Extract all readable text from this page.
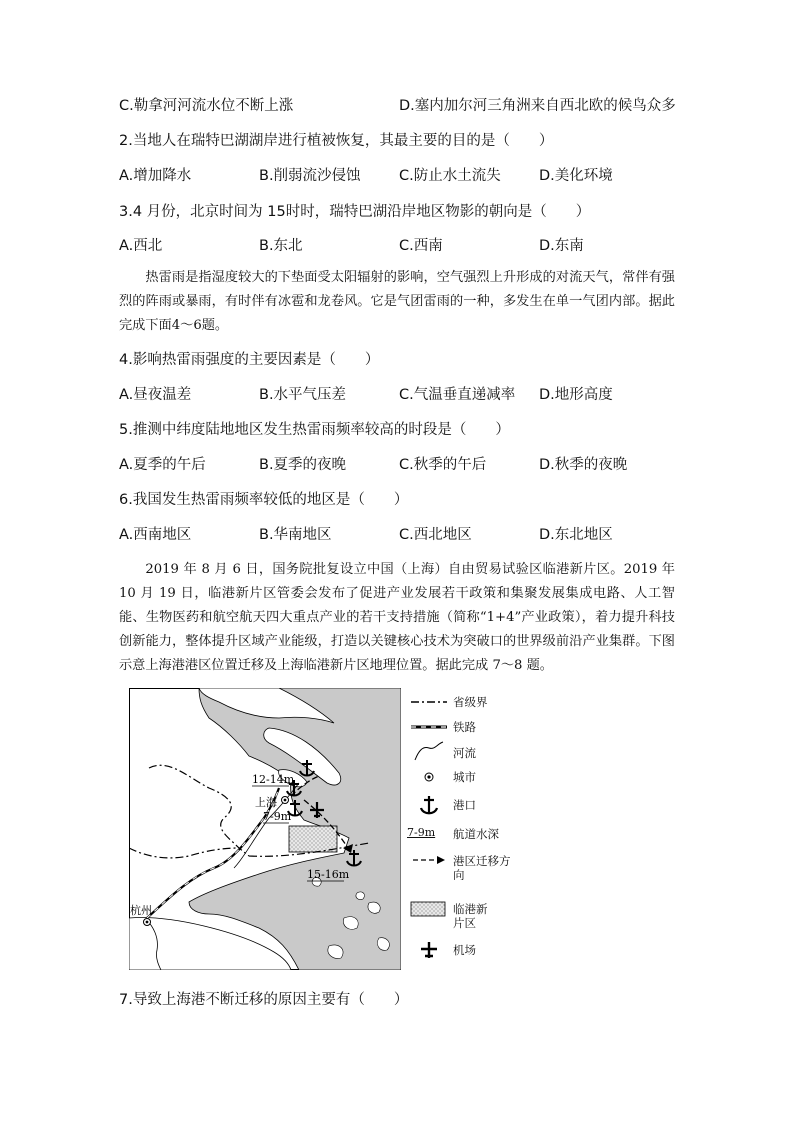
C.勒拿河河流水位不断上涨	D.塞内加尔河三角洲来自西北欧的候鸟众多
2.当地人在瑞特巴湖湖岸进行植被恢复，其最主要的目的是（　　）
A.增加降水	B.削弱流沙侵蚀	C.防止水土流失	D.美化环境
3.4 月份，北京时间为 15时时，瑞特巴湖沿岸地区物影的朝向是（　　）
A.西北	B.东北	C.西南	D.东南

热雷雨是指湿度较大的下垫面受太阳辐射的影响，空气强烈上升形成的对流天气，常伴有强烈的阵雨或暴雨，有时伴有冰雹和龙卷风。它是气团雷雨的一种，多发生在单一气团内部。据此完成下面4～6题。

4.影响热雷雨强度的主要因素是（　　）
A.昼夜温差	B.水平气压差	C.气温垂直递减率 D.地形高度
5.推测中纬度陆地地区发生热雷雨频率较高的时段是（　　）
A.夏季的午后	B.夏季的夜晚	C.秋季的午后	D.秋季的夜晚
6.我国发生热雷雨频率较低的地区是（　　）
A.西南地区	B.华南地区	C.西北地区	D.东北地区

2019 年 8 月 6 日，国务院批复设立中国（上海）自由贸易试验区临港新片区。2019 年 10 月 19 日，临港新片区管委会发布了促进产业发展若干政策和集聚发展集成电路、人工智能、生物医药和航空航天四大重点产业的若干支持措施（简称“1+4”产业政策），着力提升科技创新能力，整体提升区域产业能级，打造以关键核心技术为突破口的世界级前沿产业集群。下图示意上海港港区位置迁移及上海临港新片区地理位置。据此完成 7～8 题。

12-14m
上海
7-9m
15-16m
杭州
省级界
铁路
河流
城市
港口
7-9m	航道水深
港区迁移方向
临港新片区
机场
7.导致上海港不断迁移的原因主要有（　　）
